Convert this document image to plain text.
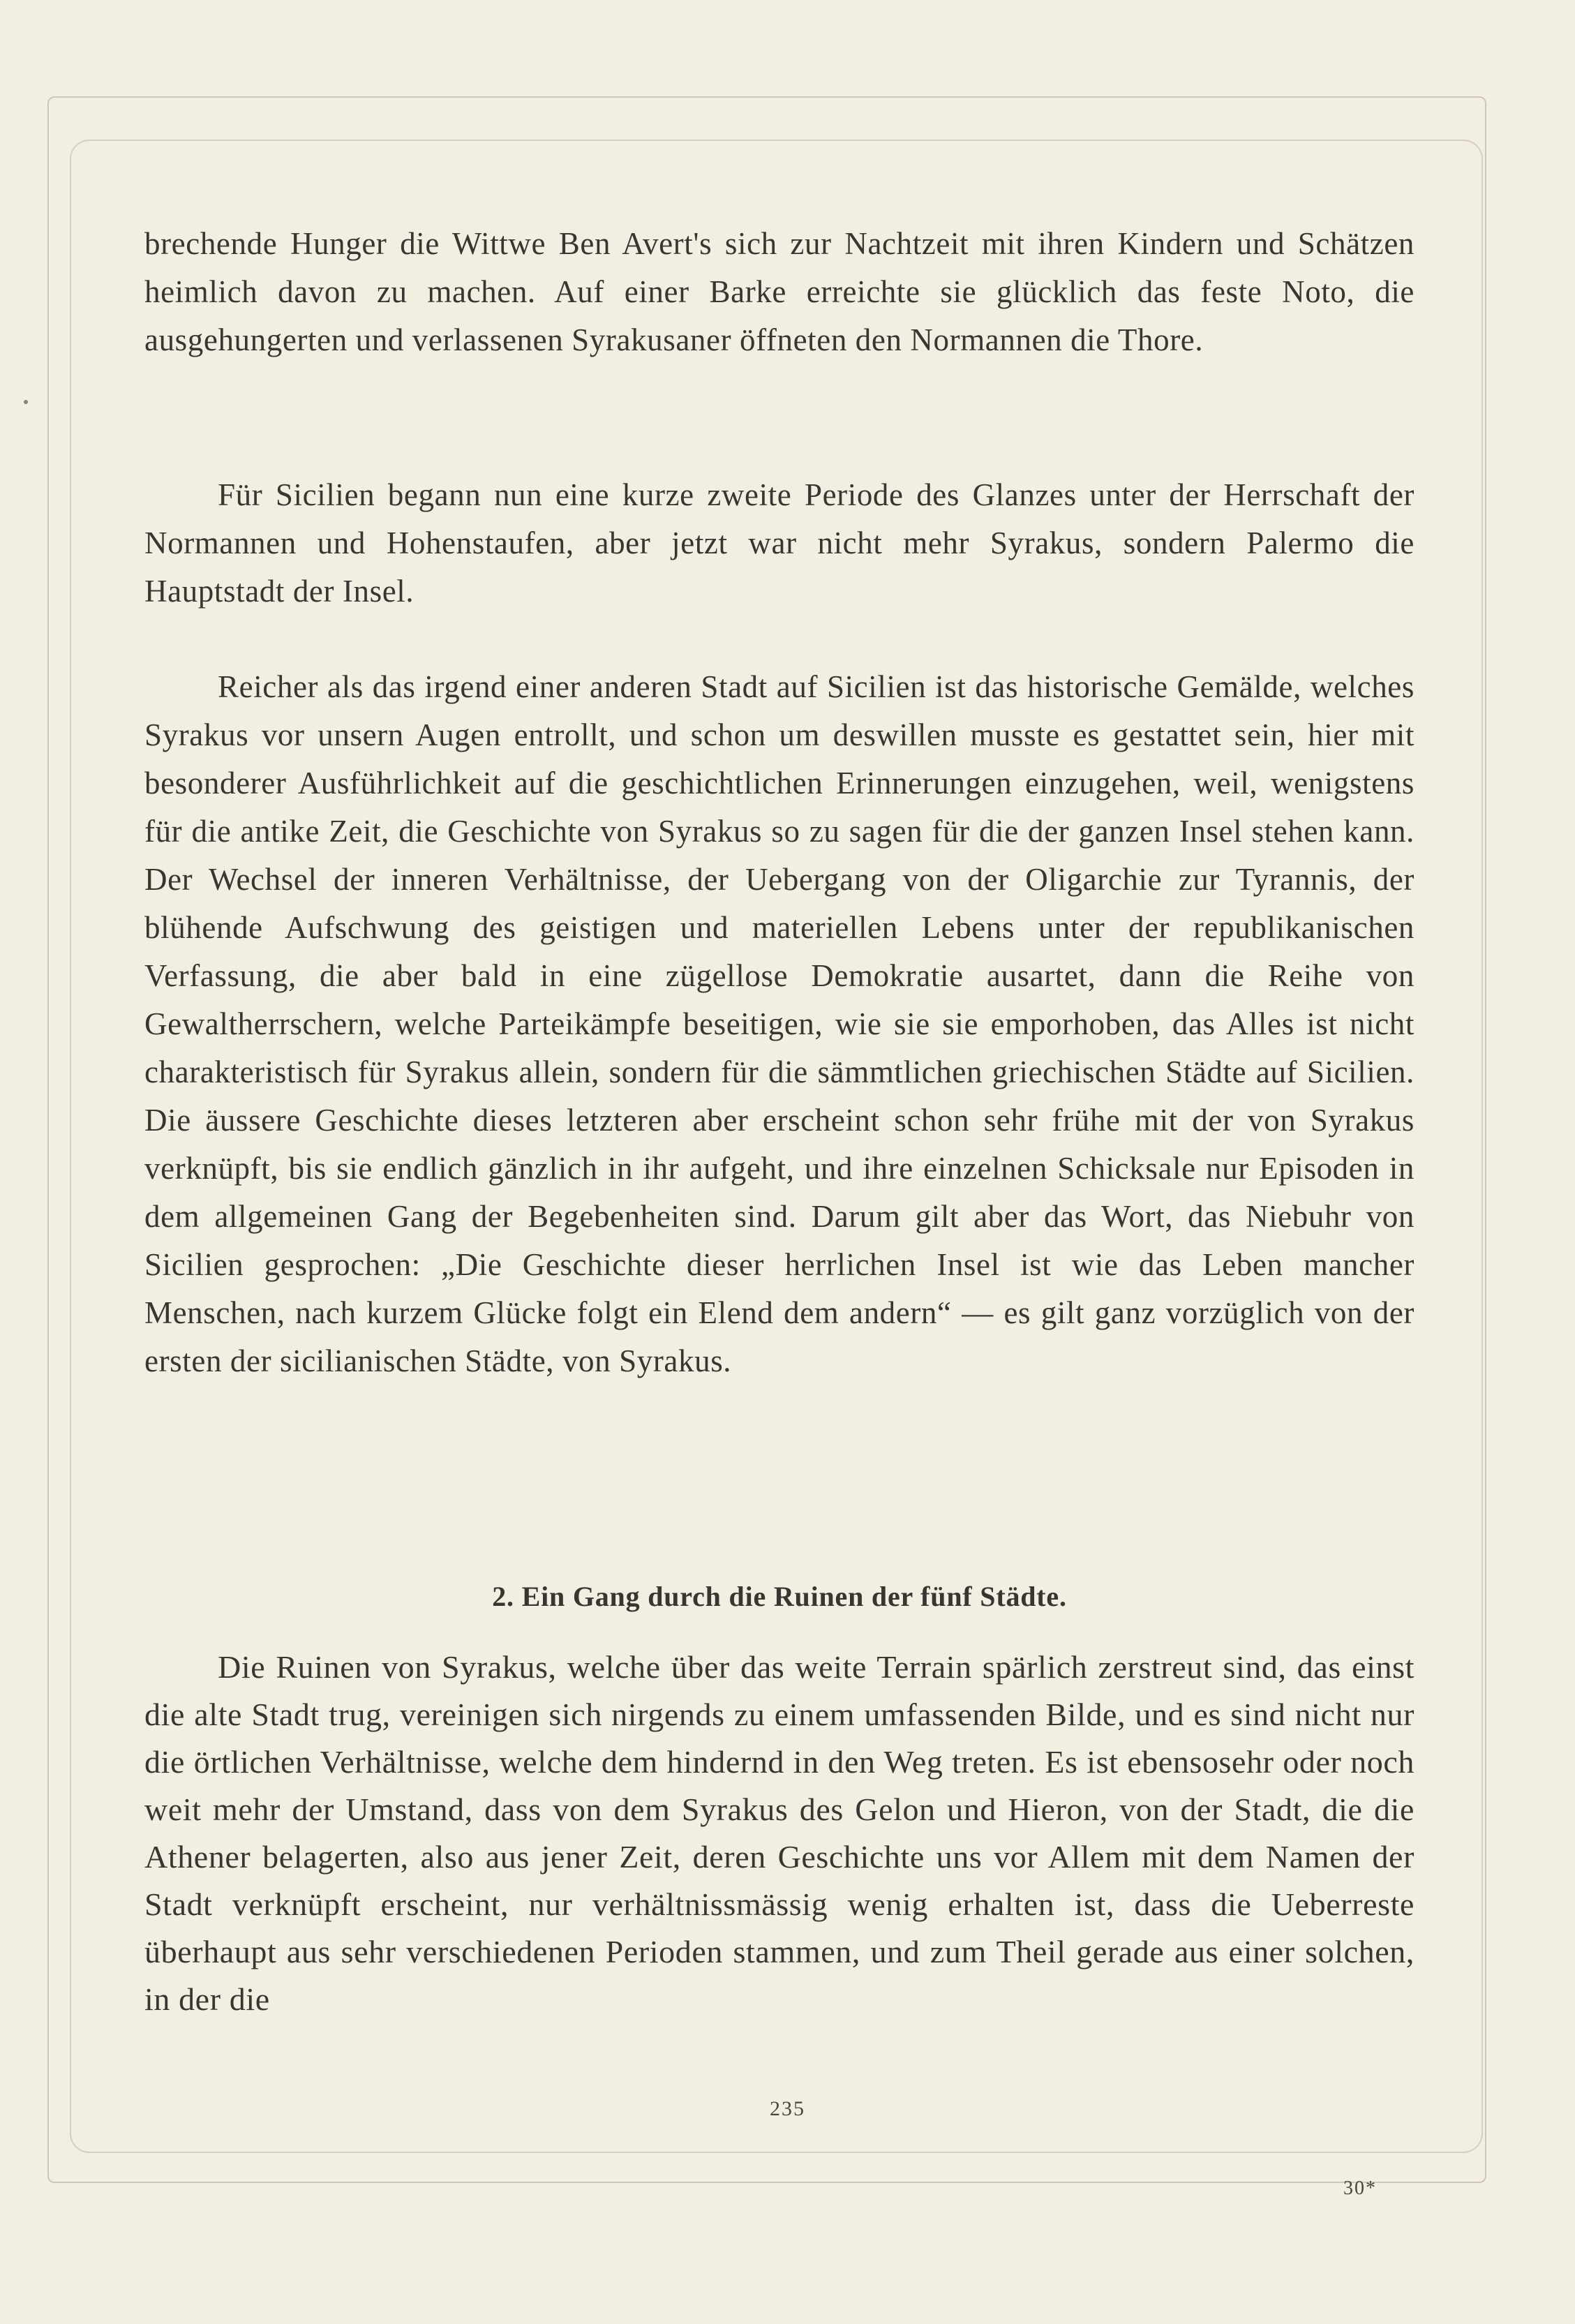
brechende Hunger die Wittwe Ben Avert's sich zur Nachtzeit mit ihren Kindern und Schätzen heimlich davon zu machen. Auf einer Barke erreichte sie glücklich das feste Noto, die ausgehungerten und verlassenen Syrakusaner öffneten den Normannen die Thore.

Für Sicilien begann nun eine kurze zweite Periode des Glanzes unter der Herrschaft der Normannen und Hohenstaufen, aber jetzt war nicht mehr Syrakus, sondern Palermo die Hauptstadt der Insel.

Reicher als das irgend einer anderen Stadt auf Sicilien ist das historische Gemälde, welches Syrakus vor unsern Augen entrollt, und schon um deswillen musste es gestattet sein, hier mit besonderer Ausführlichkeit auf die geschichtlichen Erinnerungen einzugehen, weil, wenigstens für die antike Zeit, die Geschichte von Syrakus so zu sagen für die der ganzen Insel stehen kann. Der Wechsel der inneren Verhältnisse, der Uebergang von der Oligarchie zur Tyrannis, der blühende Aufschwung des geistigen und materiellen Lebens unter der republikanischen Verfassung, die aber bald in eine zügellose Demokratie ausartet, dann die Reihe von Gewaltherrschern, welche Parteikämpfe beseitigen, wie sie sie emporhoben, das Alles ist nicht charakteristisch für Syrakus allein, sondern für die sämmtlichen griechischen Städte auf Sicilien. Die äussere Geschichte dieses letzteren aber erscheint schon sehr frühe mit der von Syrakus verknüpft, bis sie endlich gänzlich in ihr aufgeht, und ihre einzelnen Schicksale nur Episoden in dem allgemeinen Gang der Begebenheiten sind. Darum gilt aber das Wort, das Niebuhr von Sicilien gesprochen: „Die Geschichte dieser herrlichen Insel ist wie das Leben mancher Menschen, nach kurzem Glücke folgt ein Elend dem andern“ — es gilt ganz vorzüglich von der ersten der sicilianischen Städte, von Syrakus.

2. Ein Gang durch die Ruinen der fünf Städte.

Die Ruinen von Syrakus, welche über das weite Terrain spärlich zerstreut sind, das einst die alte Stadt trug, vereinigen sich nirgends zu einem umfassenden Bilde, und es sind nicht nur die örtlichen Verhältnisse, welche dem hindernd in den Weg treten. Es ist ebensosehr oder noch weit mehr der Umstand, dass von dem Syrakus des Gelon und Hieron, von der Stadt, die die Athener belagerten, also aus jener Zeit, deren Geschichte uns vor Allem mit dem Namen der Stadt verknüpft erscheint, nur verhältnissmässig wenig erhalten ist, dass die Ueberreste überhaupt aus sehr verschiedenen Perioden stammen, und zum Theil gerade aus einer solchen, in der die

235
30*
